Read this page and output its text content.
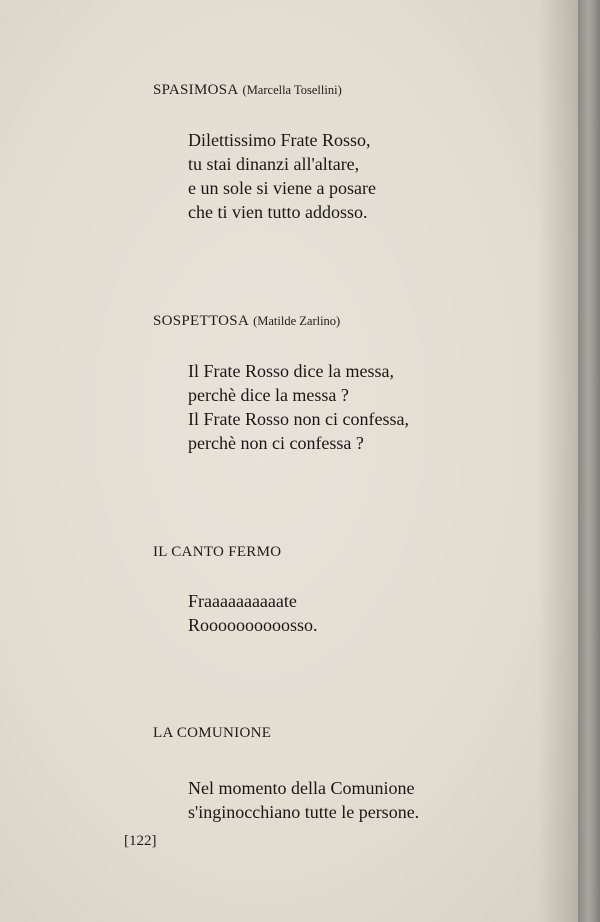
SPASIMOSA (Marcella Tosellini)
Dilettissimo Frate Rosso,
tu stai dinanzi all'altare,
e un sole si viene a posare
che ti vien tutto addosso.
SOSPETTOSA (Matilde Zarlino)
Il Frate Rosso dice la messa,
perchè dice la messa ?
Il Frate Rosso non ci confessa,
perchè non ci confessa ?
IL CANTO FERMO
Fraaaaaaaaaate
Roooooooooosso.
LA COMUNIONE
Nel momento della Comunione
s'inginocchiano tutte le persone.
[122]
